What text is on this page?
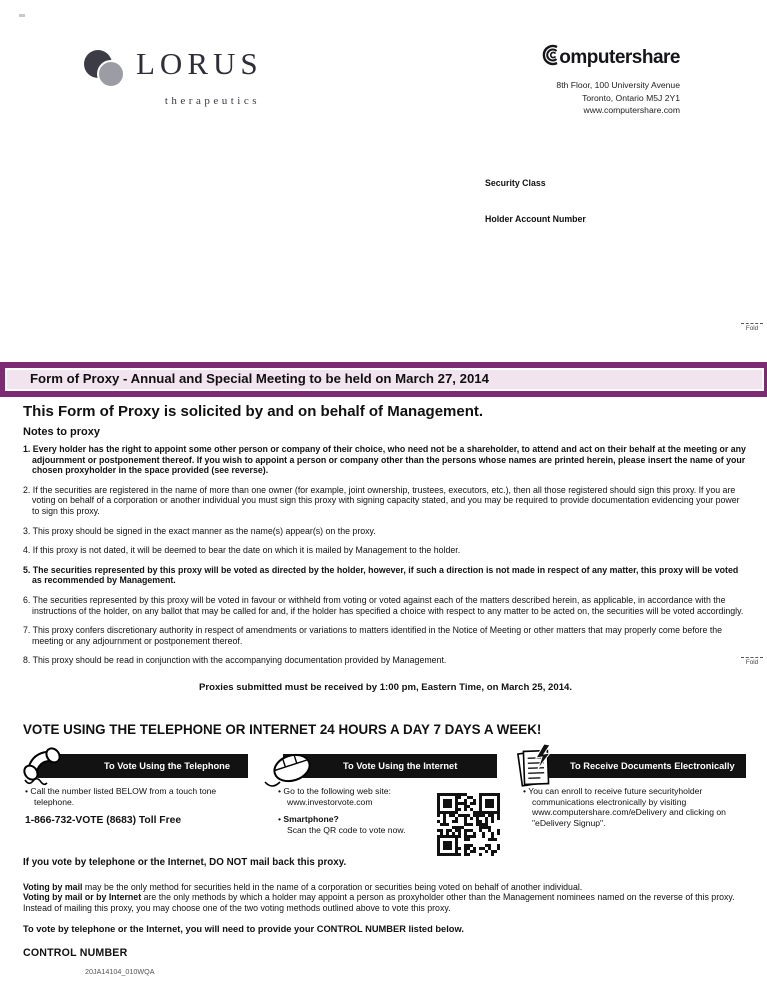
LORUS
therapeutics
omputershare
8th Floor, 100 University Avenue
Toronto, Ontario M5J 2Y1
www.computershare.com
Security Class
Holder Account Number
Fold
Fold
Form of Proxy - Annual and Special Meeting to be held on March 27, 2014

This Form of Proxy is solicited by and on behalf of Management.

Notes to proxy

1. Every holder has the right to appoint some other person or company of their choice, who need not be a shareholder, to attend and act on their behalf at the meeting or any adjournment or postponement thereof. If you wish to appoint a person or company other than the persons whose names are printed herein, please insert the name of your chosen proxyholder in the space provided (see reverse).
2. If the securities are registered in the name of more than one owner (for example, joint ownership, trustees, executors, etc.), then all those registered should sign this proxy. If you are voting on behalf of a corporation or another individual you must sign this proxy with signing capacity stated, and you may be required to provide documentation evidencing your power to sign this proxy.
3. This proxy should be signed in the exact manner as the name(s) appear(s) on the proxy.
4. If this proxy is not dated, it will be deemed to bear the date on which it is mailed by Management to the holder.
5. The securities represented by this proxy will be voted as directed by the holder, however, if such a direction is not made in respect of any matter, this proxy will be voted as recommended by Management.
6. The securities represented by this proxy will be voted in favour or withheld from voting or voted against each of the matters described herein, as applicable, in accordance with the instructions of the holder, on any ballot that may be called for and, if the holder has specified a choice with respect to any matter to be acted on, the securities will be voted accordingly.
7. This proxy confers discretionary authority in respect of amendments or variations to matters identified in the Notice of Meeting or other matters that may properly come before the meeting or any adjournment or postponement thereof.
8. This proxy should be read in conjunction with the accompanying documentation provided by Management.
Proxies submitted must be received by 1:00 pm, Eastern Time, on March 25, 2014.

VOTE USING THE TELEPHONE OR INTERNET 24 HOURS A DAY 7 DAYS A WEEK!

To Vote Using the Telephone	To Vote Using the Internet	To Receive Documents Electronically
• Call the number listed BELOW from a touch tone telephone.
1-866-732-VOTE (8683) Toll Free
• Go to the following web site:
www.investorvote.com
• Smartphone?
Scan the QR code to vote now.
• You can enroll to receive future securityholder communications electronically by visiting www.computershare.com/eDelivery and clicking on "eDelivery Signup".

If you vote by telephone or the Internet, DO NOT mail back this proxy.

Voting by mail may be the only method for securities held in the name of a corporation or securities being voted on behalf of another individual.
Voting by mail or by Internet are the only methods by which a holder may appoint a person as proxyholder other than the Management nominees named on the reverse of this proxy. Instead of mailing this proxy, you may choose one of the two voting methods outlined above to vote this proxy.

To vote by telephone or the Internet, you will need to provide your CONTROL NUMBER listed below.

CONTROL NUMBER
20JA14104_010WQA
